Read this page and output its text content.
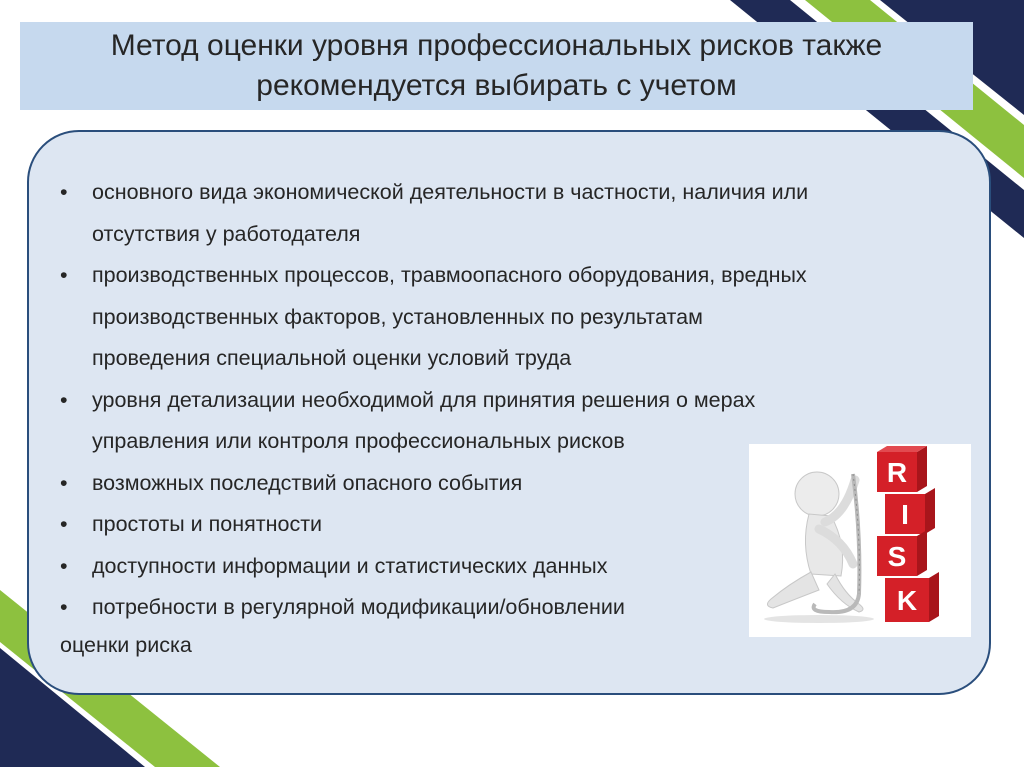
Метод оценки уровня профессиональных рисков также
рекомендуется выбирать с учетом
• основного вида экономической деятельности в частности, наличия или
отсутствия у работодателя
• производственных процессов, травмоопасного оборудования, вредных
производственных факторов, установленных по результатам
проведения специальной оценки условий труда
• уровня детализации необходимой для принятия решения о мерах
управления или контроля профессиональных рисков
• возможных последствий опасного события
• простоты и понятности
• доступности информации и статистических данных
• потребности в регулярной модификации/обновлении
оценки риска
R
I
S
K
